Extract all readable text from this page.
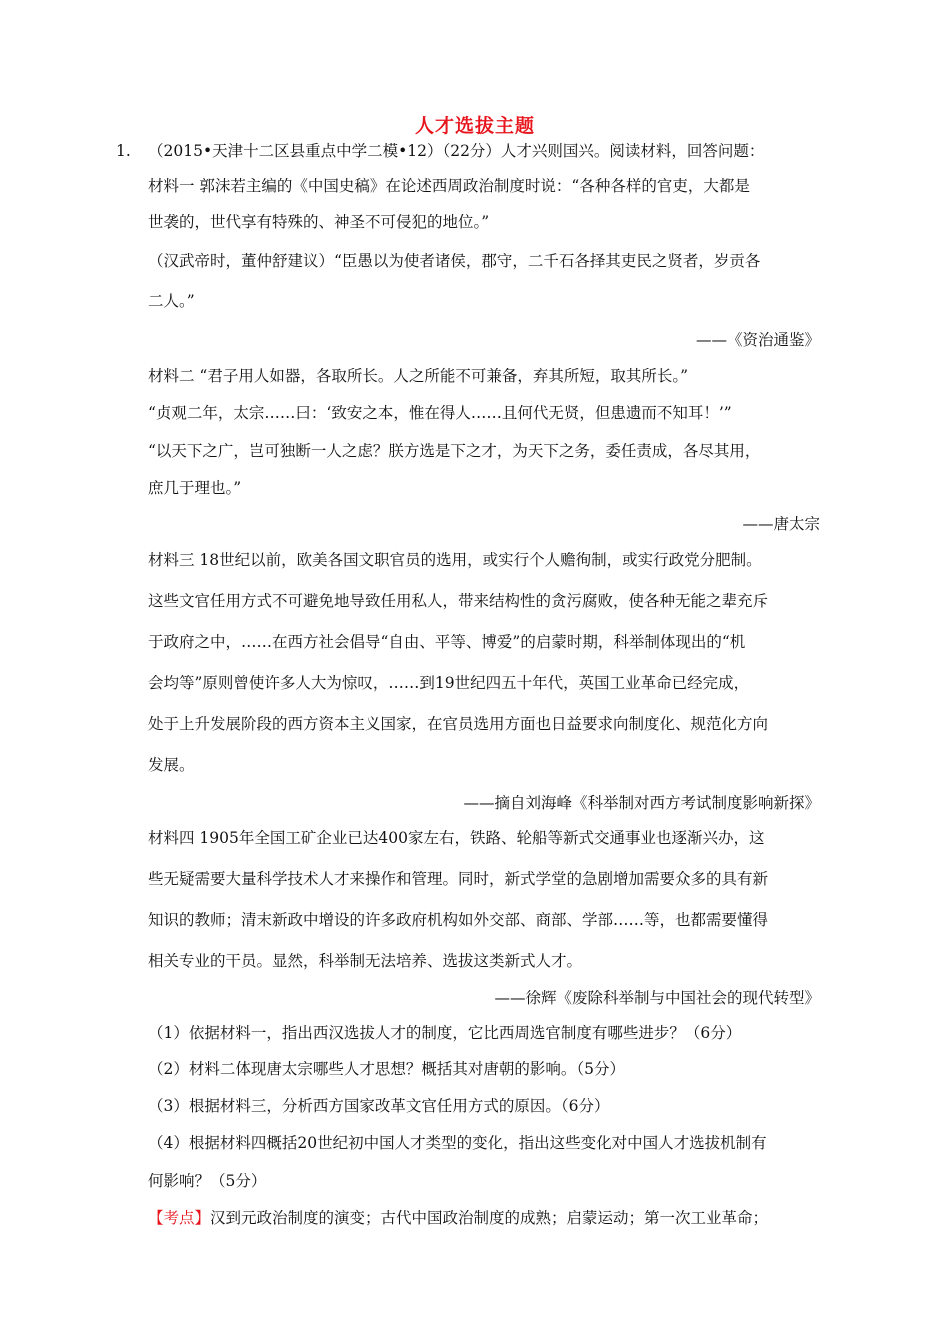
人才选拔主题
1. （2015•天津十二区县重点中学二模•12）（22分）人才兴则国兴。阅读材料，回答问题：
材料一 郭沫若主编的《中国史稿》在论述西周政治制度时说：“各种各样的官吏，大都是
世袭的，世代享有特殊的、神圣不可侵犯的地位。”
（汉武帝时，董仲舒建议）“臣愚以为使者诸侯，郡守，二千石各择其吏民之贤者，岁贡各
二人。”
——《资治通鉴》
材料二 “君子用人如器，各取所长。人之所能不可兼备，弃其所短，取其所长。”
“贞观二年，太宗……曰：‘致安之本，惟在得人……且何代无贤，但患遗而不知耳！’”
“以天下之广，岂可独断一人之虑？朕方选是下之才，为天下之务，委任责成，各尽其用，
庶几于理也。”
——唐太宗
材料三 18世纪以前，欧美各国文职官员的选用，或实行个人赡徇制，或实行政党分肥制。
这些文官任用方式不可避免地导致任用私人，带来结构性的贪污腐败，使各种无能之辈充斥
于政府之中，……在西方社会倡导“自由、平等、博爱”的启蒙时期，科举制体现出的“机
会均等”原则曾使许多人大为惊叹，……到19世纪四五十年代，英国工业革命已经完成，
处于上升发展阶段的西方资本主义国家，在官员选用方面也日益要求向制度化、规范化方向
发展。
——摘自刘海峰《科举制对西方考试制度影响新探》
材料四 1905年全国工矿企业已达400家左右，铁路、轮船等新式交通事业也逐渐兴办，这
些无疑需要大量科学技术人才来操作和管理。同时，新式学堂的急剧增加需要众多的具有新
知识的教师；清末新政中增设的许多政府机构如外交部、商部、学部……等，也都需要懂得
相关专业的干员。显然，科举制无法培养、选拔这类新式人才。
——徐辉《废除科举制与中国社会的现代转型》
（1）依据材料一，指出西汉选拔人才的制度，它比西周选官制度有哪些进步？（6分）
（2）材料二体现唐太宗哪些人才思想？概括其对唐朝的影响。（5分）
（3）根据材料三，分析西方国家改革文官任用方式的原因。（6分）
（4）根据材料四概括20世纪初中国人才类型的变化，指出这些变化对中国人才选拔机制有
何影响？（5分）
【考点】汉到元政治制度的演变；古代中国政治制度的成熟；启蒙运动；第一次工业革命；
